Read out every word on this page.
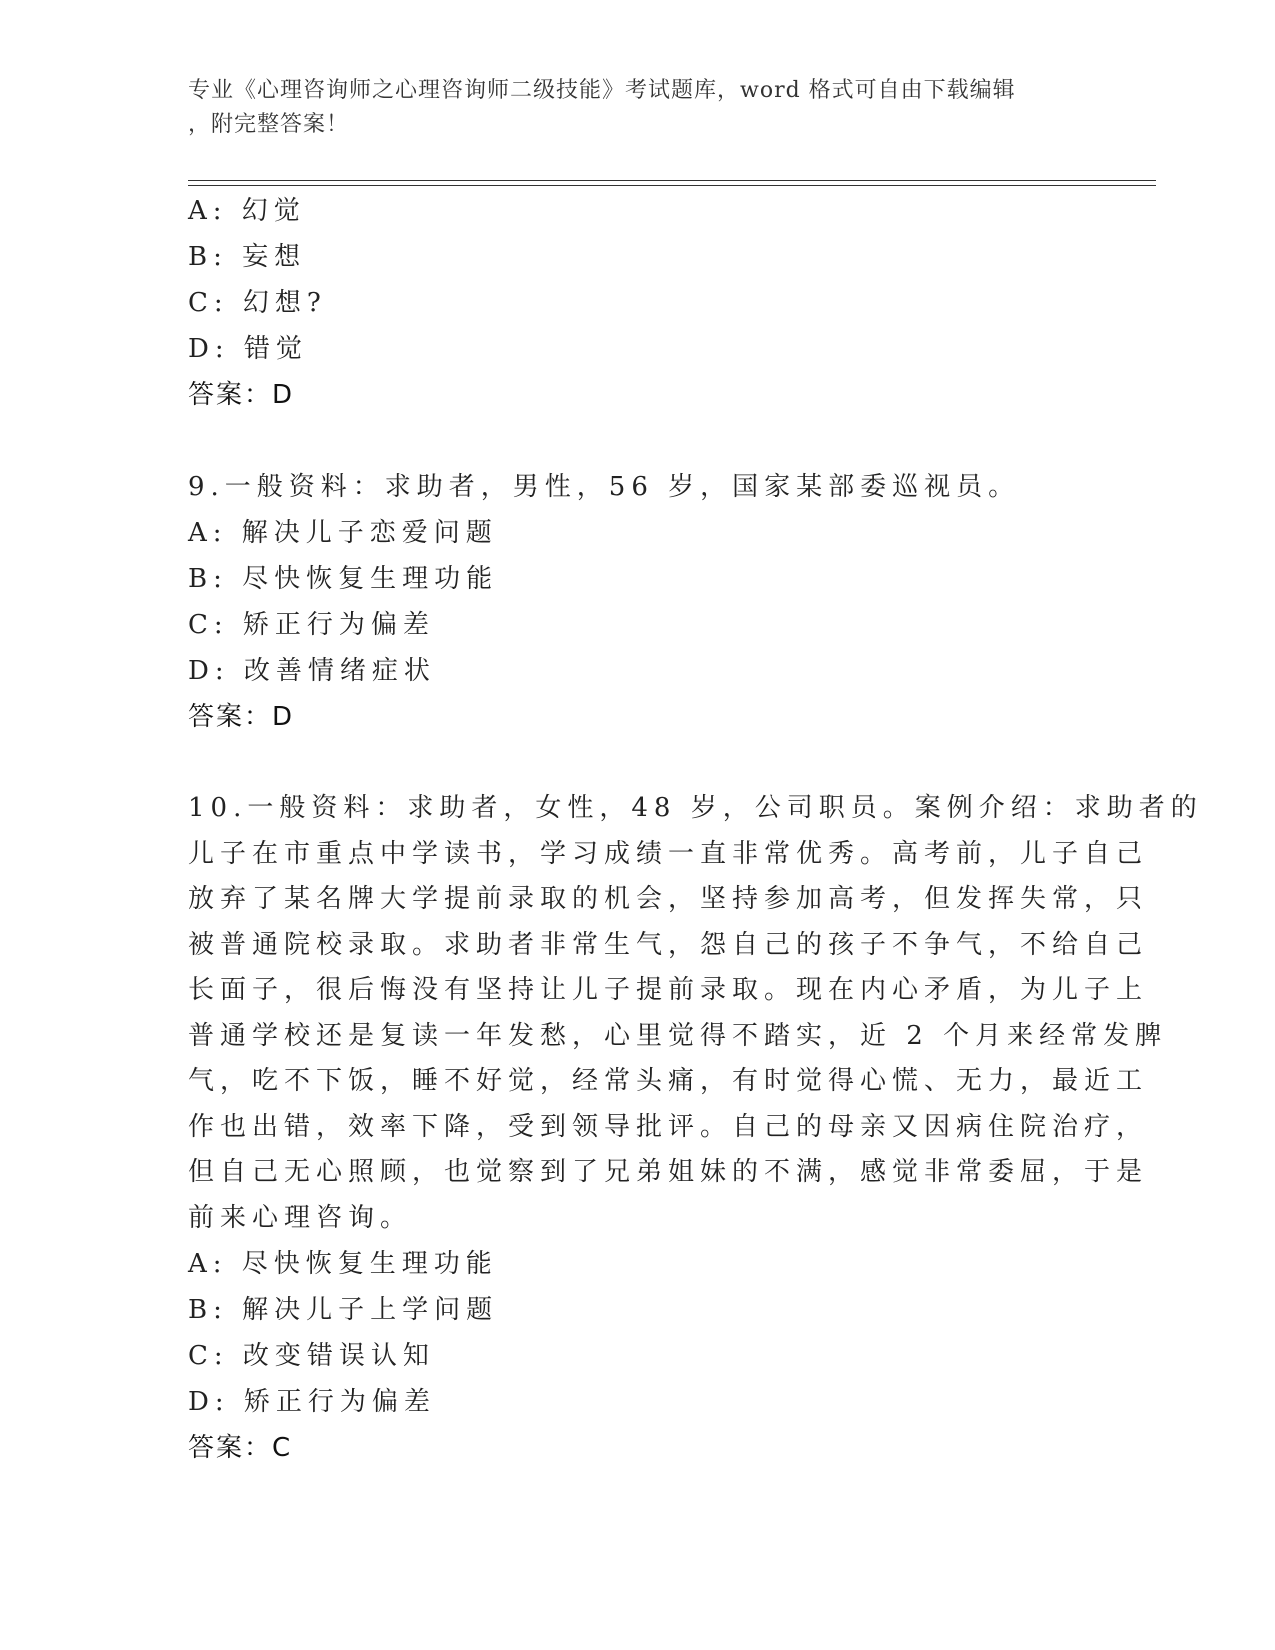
专业《心理咨询师之心理咨询师二级技能》考试题库，word 格式可自由下载编辑
，附完整答案！
A: 幻觉
B: 妄想
C: 幻想?
D: 错觉
答案：D
9.一般资料：求助者，男性，56 岁，国家某部委巡视员。
A: 解决儿子恋爱问题
B: 尽快恢复生理功能
C: 矫正行为偏差
D: 改善情绪症状
答案：D
10.一般资料：求助者，女性，48 岁，公司职员。案例介绍：求助者的
儿子在市重点中学读书，学习成绩一直非常优秀。高考前，儿子自己
放弃了某名牌大学提前录取的机会，坚持参加高考，但发挥失常，只
被普通院校录取。求助者非常生气，怨自己的孩子不争气，不给自己
长面子，很后悔没有坚持让儿子提前录取。现在内心矛盾，为儿子上
普通学校还是复读一年发愁，心里觉得不踏实，近 2 个月来经常发脾
气，吃不下饭，睡不好觉，经常头痛，有时觉得心慌、无力，最近工
作也出错，效率下降，受到领导批评。自己的母亲又因病住院治疗，
但自己无心照顾，也觉察到了兄弟姐妹的不满，感觉非常委屈，于是
前来心理咨询。
A: 尽快恢复生理功能
B: 解决儿子上学问题
C: 改变错误认知
D: 矫正行为偏差
答案：C
